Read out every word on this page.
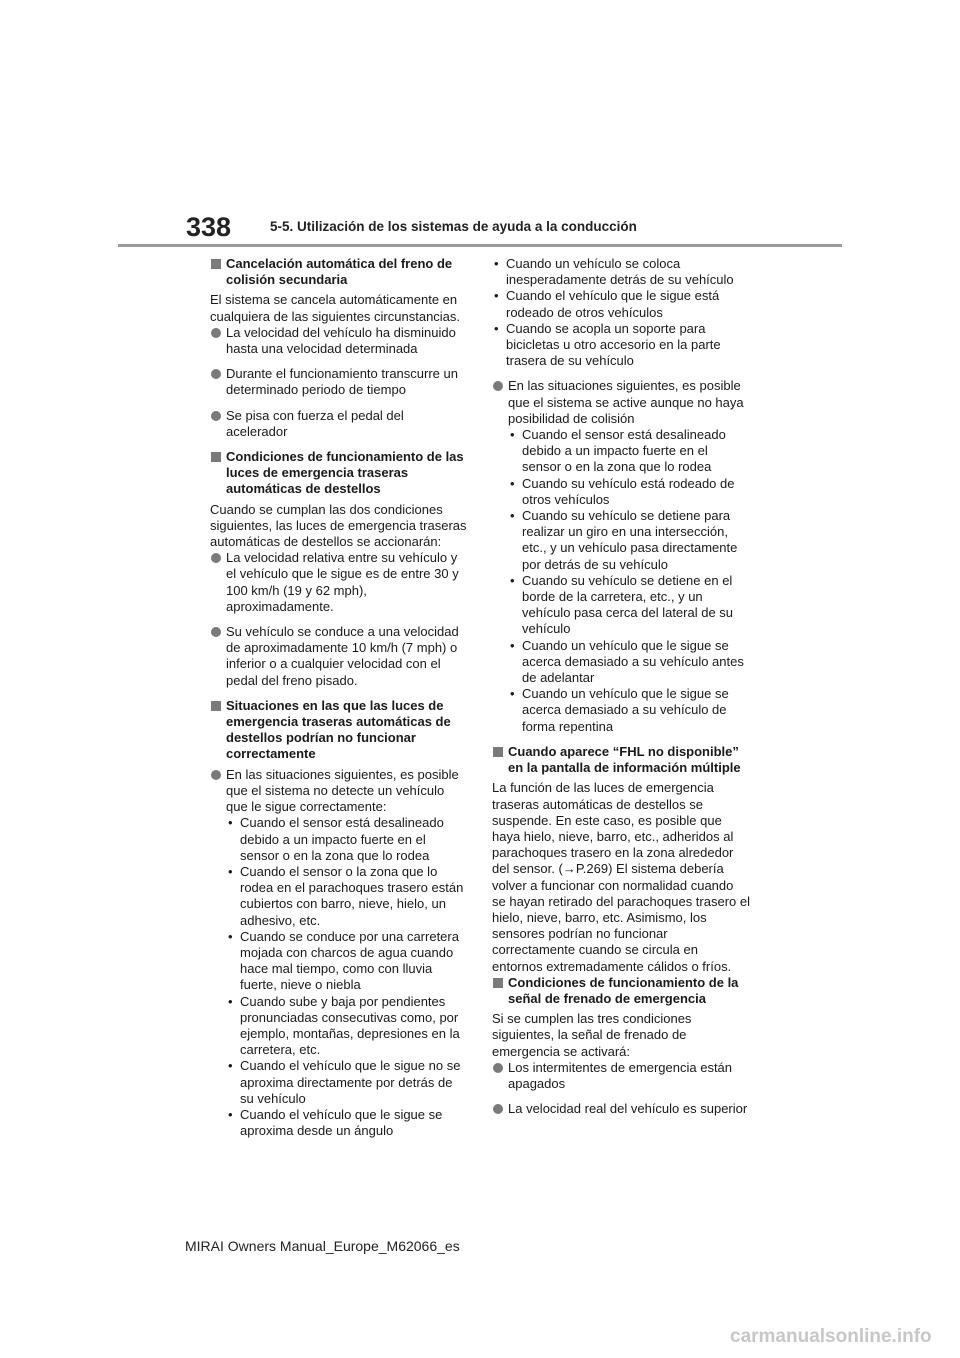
338	5-5. Utilización de los sistemas de ayuda a la conducción
Cancelación automática del freno de colisión secundaria

El sistema se cancela automáticamente en cualquiera de las siguientes circunstancias.

La velocidad del vehículo ha disminuido hasta una velocidad determinada
Durante el funcionamiento transcurre un determinado periodo de tiempo
Se pisa con fuerza el pedal del acelerador
Condiciones de funcionamiento de las luces de emergencia traseras automáticas de destellos

Cuando se cumplan las dos condiciones siguientes, las luces de emergencia traseras automáticas de destellos se accionarán:

La velocidad relativa entre su vehículo y el vehículo que le sigue es de entre 30 y 100 km/h (19 y 62 mph), aproximadamente.
Su vehículo se conduce a una velocidad de aproximadamente 10 km/h (7 mph) o inferior o a cualquier velocidad con el pedal del freno pisado.
Situaciones en las que las luces de emergencia traseras automáticas de destellos podrían no funcionar correctamente
En las situaciones siguientes, es posible que el sistema no detecte un vehículo que le sigue correctamente:
• Cuando el sensor está desalineado debido a un impacto fuerte en el sensor o en la zona que lo rodea
• Cuando el sensor o la zona que lo rodea en el parachoques trasero están cubiertos con barro, nieve, hielo, un adhesivo, etc.
• Cuando se conduce por una carretera mojada con charcos de agua cuando hace mal tiempo, como con lluvia fuerte, nieve o niebla
• Cuando sube y baja por pendientes pronunciadas consecutivas como, por ejemplo, montañas, depresiones en la carretera, etc.
• Cuando el vehículo que le sigue no se aproxima directamente por detrás de su vehículo
• Cuando el vehículo que le sigue se aproxima desde un ángulo
• Cuando un vehículo se coloca inesperadamente detrás de su vehículo
• Cuando el vehículo que le sigue está rodeado de otros vehículos
• Cuando se acopla un soporte para bicicletas u otro accesorio en la parte trasera de su vehículo
En las situaciones siguientes, es posible que el sistema se active aunque no haya posibilidad de colisión
• Cuando el sensor está desalineado debido a un impacto fuerte en el sensor o en la zona que lo rodea
• Cuando su vehículo está rodeado de otros vehículos
• Cuando su vehículo se detiene para realizar un giro en una intersección, etc., y un vehículo pasa directamente por detrás de su vehículo
• Cuando su vehículo se detiene en el borde de la carretera, etc., y un vehículo pasa cerca del lateral de su vehículo
• Cuando un vehículo que le sigue se acerca demasiado a su vehículo antes de adelantar
• Cuando un vehículo que le sigue se acerca demasiado a su vehículo de forma repentina
Cuando aparece “FHL no disponible” en la pantalla de información múltiple

La función de las luces de emergencia traseras automáticas de destellos se suspende. En este caso, es posible que haya hielo, nieve, barro, etc., adheridos al parachoques trasero en la zona alrededor del sensor. (→P.269) El sistema debería volver a funcionar con normalidad cuando se hayan retirado del parachoques trasero el hielo, nieve, barro, etc. Asimismo, los sensores podrían no funcionar correctamente cuando se circula en entornos extremadamente cálidos o fríos.

Condiciones de funcionamiento de la señal de frenado de emergencia

Si se cumplen las tres condiciones siguientes, la señal de frenado de emergencia se activará:

Los intermitentes de emergencia están apagados
La velocidad real del vehículo es superior
MIRAI Owners Manual_Europe_M62066_es
carmanualsonline.info
